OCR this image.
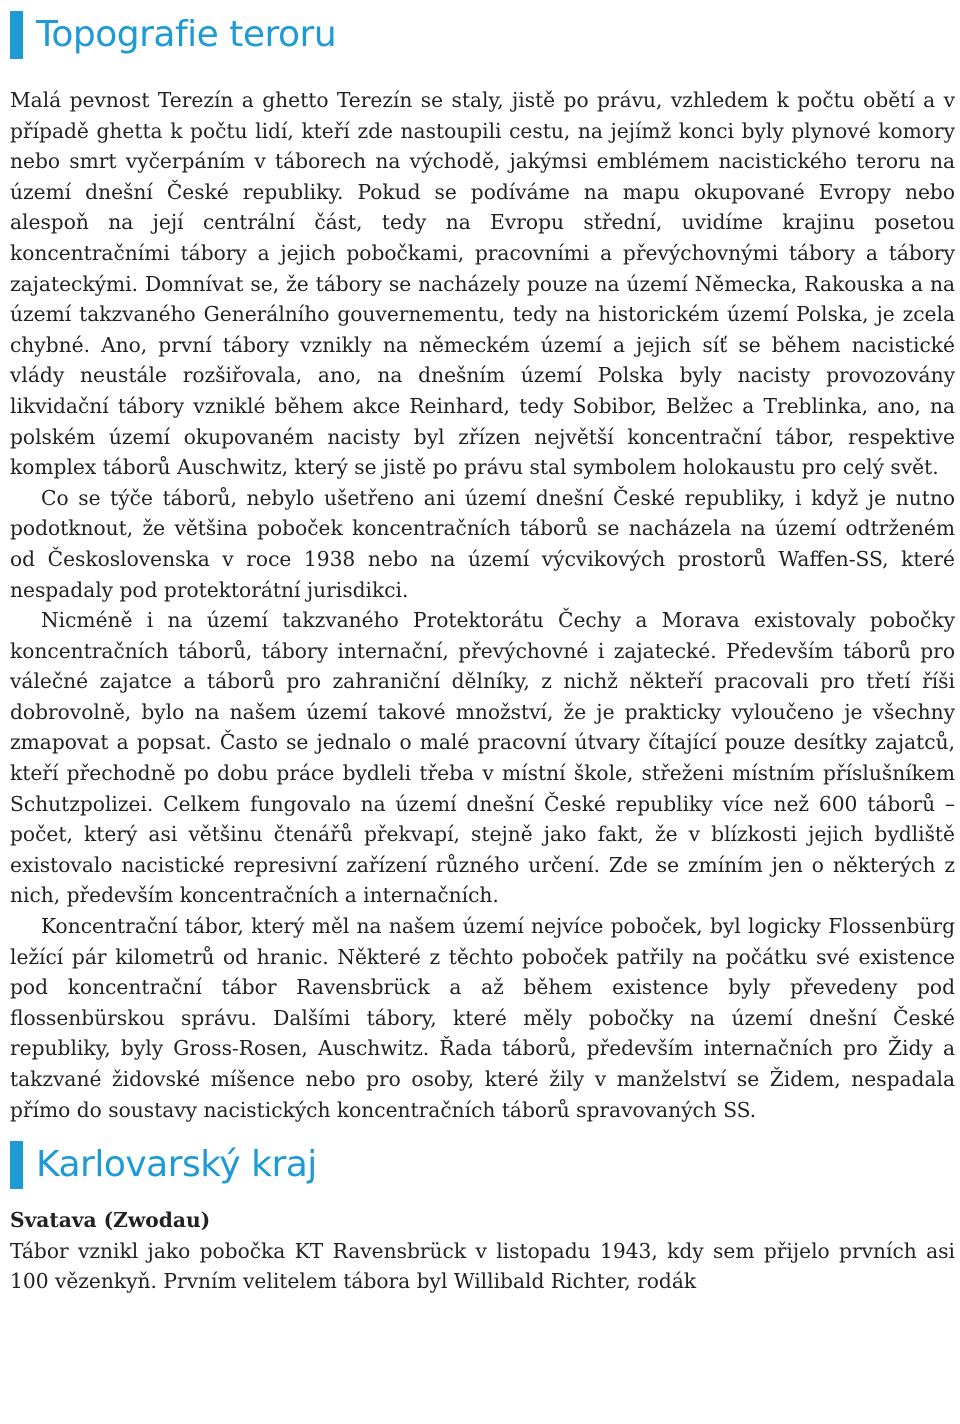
Topografie teroru

Malá pevnost Terezín a ghetto Terezín se staly, jistě po právu, vzhledem k počtu obětí a v případě ghetta k počtu lidí, kteří zde nastoupili cestu, na jejímž konci byly plynové komory nebo smrt vyčerpáním v táborech na východě, jakýmsi emblémem nacistického teroru na území dnešní České republiky. Pokud se podíváme na mapu okupované Evropy nebo alespoň na její centrální část, tedy na Evropu střední, uvidíme krajinu posetou koncentračními tábory a jejich pobočkami, pracovními a převýchovnými tábory a tábory zajateckými. Domnívat se, že tábory se nacházely pouze na území Německa, Rakouska a na území takzvaného Generálního gouvernementu, tedy na historickém území Polska, je zcela chybné. Ano, první tábory vznikly na německém území a jejich síť se během nacistické vlády neustále rozšiřovala, ano, na dnešním území Polska byly nacisty provozovány likvidační tábory vzniklé během akce Reinhard, tedy Sobibor, Belžec a Treblinka, ano, na polském území okupovaném nacisty byl zřízen největší koncentrační tábor, respektive komplex táborů Auschwitz, který se jistě po právu stal symbolem holokaustu pro celý svět.

Co se týče táborů, nebylo ušetřeno ani území dnešní České republiky, i když je nutno podotknout, že většina poboček koncentračních táborů se nacházela na území odtrženém od Československa v roce 1938 nebo na území výcvikových prostorů Waffen-SS, které nespadaly pod protektorátní jurisdikci.

Nicméně i na území takzvaného Protektorátu Čechy a Morava existovaly pobočky koncentračních táborů, tábory internační, převýchovné i zajatecké. Především táborů pro válečné zajatce a táborů pro zahraniční dělníky, z nichž někteří pracovali pro třetí říši dobrovolně, bylo na našem území takové množství, že je prakticky vyloučeno je všechny zmapovat a popsat. Často se jednalo o malé pracovní útvary čítající pouze desítky zajatců, kteří přechodně po dobu práce bydleli třeba v místní škole, střeženi místním příslušníkem Schutzpolizei. Celkem fungovalo na území dnešní České republiky více než 600 táborů – počet, který asi většinu čtenářů překvapí, stejně jako fakt, že v blízkosti jejich bydliště existovalo nacistické represivní zařízení různého určení. Zde se zmíním jen o některých z nich, především koncentračních a internačních.

Koncentrační tábor, který měl na našem území nejvíce poboček, byl logicky Flossenbürg ležící pár kilometrů od hranic. Některé z těchto poboček patřily na počátku své existence pod koncentrační tábor Ravensbrück a až během existence byly převedeny pod flossenbürskou správu. Dalšími tábory, které měly pobočky na území dnešní České republiky, byly Gross-Rosen, Auschwitz. Řada táborů, především internačních pro Židy a takzvané židovské míšence nebo pro osoby, které žily v manželství se Židem, nespadala přímo do soustavy nacistických koncentračních táborů spravovaných SS.

Karlovarský kraj

Svatava (Zwodau)

Tábor vznikl jako pobočka KT Ravensbrück v listopadu 1943, kdy sem přijelo prvních asi 100 vězenkyň. Prvním velitelem tábora byl Willibald Richter, rodák
